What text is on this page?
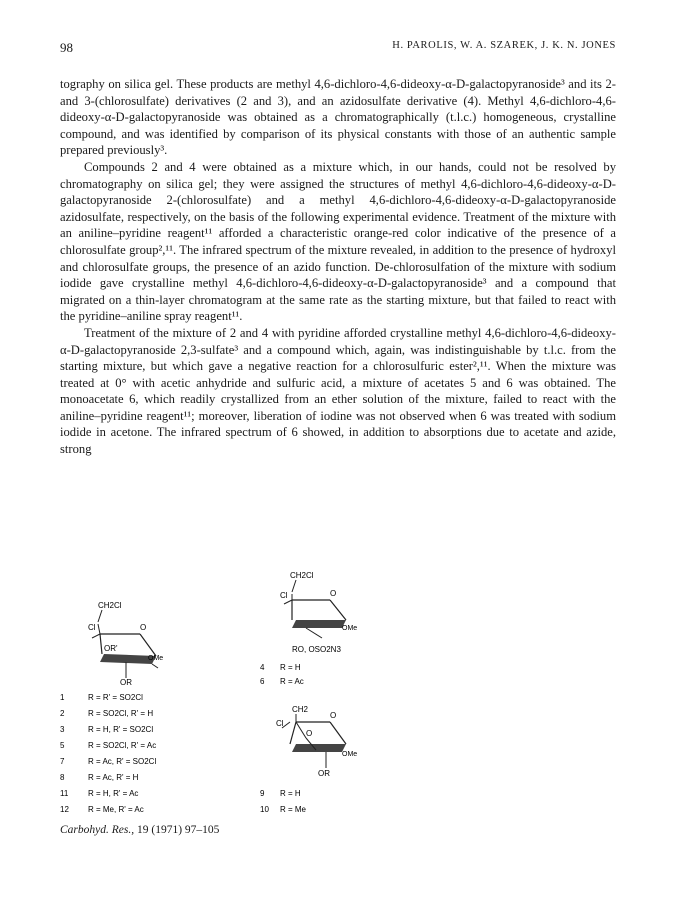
98	H. PAROLIS, W. A. SZAREK, J. K. N. JONES

tography on silica gel. These products are methyl 4,6-dichloro-4,6-dideoxy-α-D-galactopyranoside³ and its 2- and 3-(chlorosulfate) derivatives (2 and 3), and an azidosulfate derivative (4). Methyl 4,6-dichloro-4,6-dideoxy-α-D-galactopyranoside was obtained as a chromatographically (t.l.c.) homogeneous, crystalline compound, and was identified by comparison of its physical constants with those of an authentic sample prepared previously³.

Compounds 2 and 4 were obtained as a mixture which, in our hands, could not be resolved by chromatography on silica gel; they were assigned the structures of methyl 4,6-dichloro-4,6-dideoxy-α-D-galactopyranoside 2-(chlorosulfate) and a methyl 4,6-dichloro-4,6-dideoxy-α-D-galactopyranoside azidosulfate, respectively, on the basis of the following experimental evidence. Treatment of the mixture with an aniline–pyridine reagent¹¹ afforded a characteristic orange-red color indicative of the presence of a chlorosulfate group²,¹¹. The infrared spectrum of the mixture revealed, in addition to the presence of hydroxyl and chlorosulfate groups, the presence of an azido function. De-chlorosulfation of the mixture with sodium iodide gave crystalline methyl 4,6-dichloro-4,6-dideoxy-α-D-galactopyranoside³ and a compound that migrated on a thin-layer chromatogram at the same rate as the starting mixture, but that failed to react with the pyridine–aniline spray reagent¹¹.

Treatment of the mixture of 2 and 4 with pyridine afforded crystalline methyl 4,6-dichloro-4,6-dideoxy-α-D-galactopyranoside 2,3-sulfate³ and a compound which, again, was indistinguishable by t.l.c. from the starting mixture, but which gave a negative reaction for a chlorosulfuric ester²,¹¹. When the mixture was treated at 0° with acetic anhydride and sulfuric acid, a mixture of acetates 5 and 6 was obtained. The monoacetate 6, which readily crystallized from an ether solution of the mixture, failed to react with the aniline–pyridine reagent¹¹; moreover, liberation of iodine was not observed when 6 was treated with sodium iodide in acetone. The infrared spectrum of 6 showed, in addition to absorptions due to acetate and azide, strong

CH2Cl
Cl	O
OR'
OMe
OR
1	R = R' = SO2Cl
2	R = SO2Cl, R' = H
3	R = H, R' = SO2Cl
5	R = SO2Cl, R' = Ac
7	R = Ac, R' = SO2Cl
8	R = Ac, R' = H
11 R = H, R' = Ac
12 R = Me, R' = Ac
CH2Cl
Cl	O
OMe
RO, OSO2N3
4 R = H
6 R = Ac
CH2
Cl
O
O
OMe
OR
9 R = H
10 R = Me
Carbohyd. Res., 19 (1971) 97–105
